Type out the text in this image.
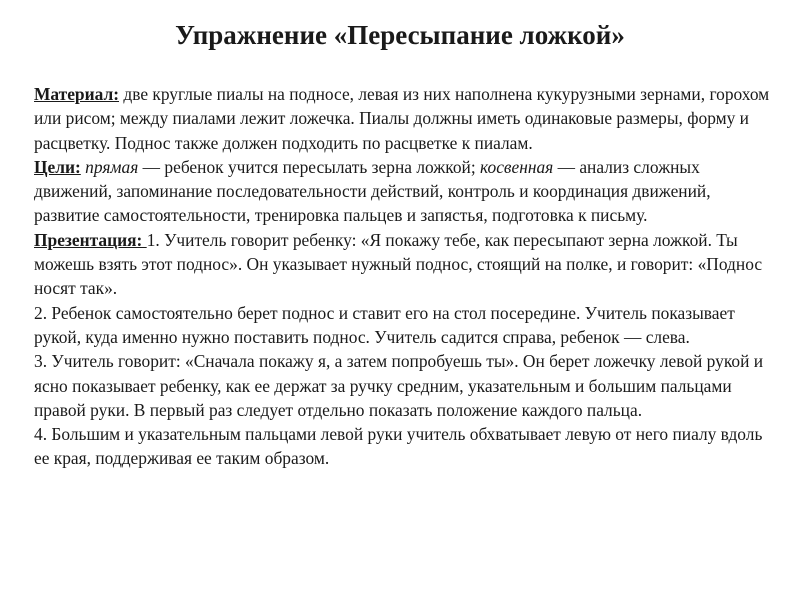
Упражнение «Пересыпание ложкой»

Материал: две круглые пиалы на подносе, левая из них наполнена кукурузными зернами, горохом или рисом; между пиалами лежит ложечка. Пиалы должны иметь одинаковые размеры, форму и расцветку. Поднос также должен подходить по расцветке к пиалам.

Цели: прямая — ребенок учится пересылать зерна ложкой; косвенная — анализ сложных движений, запоминание последовательности действий, контроль и координация движений, развитие самостоятельности, тренировка пальцев и запястья, подготовка к письму.

Презентация: 1. Учитель говорит ребенку: «Я покажу тебе, как пересыпают зерна ложкой. Ты можешь взять этот поднос». Он указывает нужный поднос, стоящий на полке, и говорит: «Поднос носят так».

2. Ребенок самостоятельно берет поднос и ставит его на стол посередине. Учитель показывает рукой, куда именно нужно поставить поднос. Учитель садится справа, ребенок — слева.

3. Учитель говорит: «Сначала покажу я, а затем попробуешь ты». Он берет ложечку левой рукой и ясно показывает ребенку, как ее держат за ручку средним, указательным и большим пальцами правой руки. В первый раз следует отдельно показать положение каждого пальца.

4. Большим и указательным пальцами левой руки учитель обхватывает левую от него пиалу вдоль ее края, поддерживая ее таким образом.
